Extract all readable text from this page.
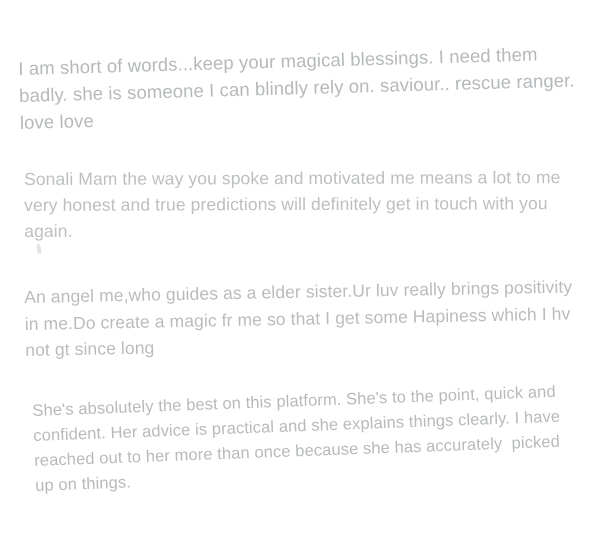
I am short of words...keep your magical blessings. I need them badly. she is someone I can blindly rely on. saviour.. rescue ranger. love love

Sonali Mam the way you spoke and motivated me means a lot to me very honest and true predictions will definitely get in touch with you again.

An angel me,who guides as a elder sister.Ur luv really brings positivity in me.Do create a magic fr me so that I get some Hapiness which I hv not gt since long

She's absolutely the best on this platform. She's to the point, quick and confident. Her advice is practical and she explains things clearly. I have reached out to her more than once because she has accurately  picked up on things.
